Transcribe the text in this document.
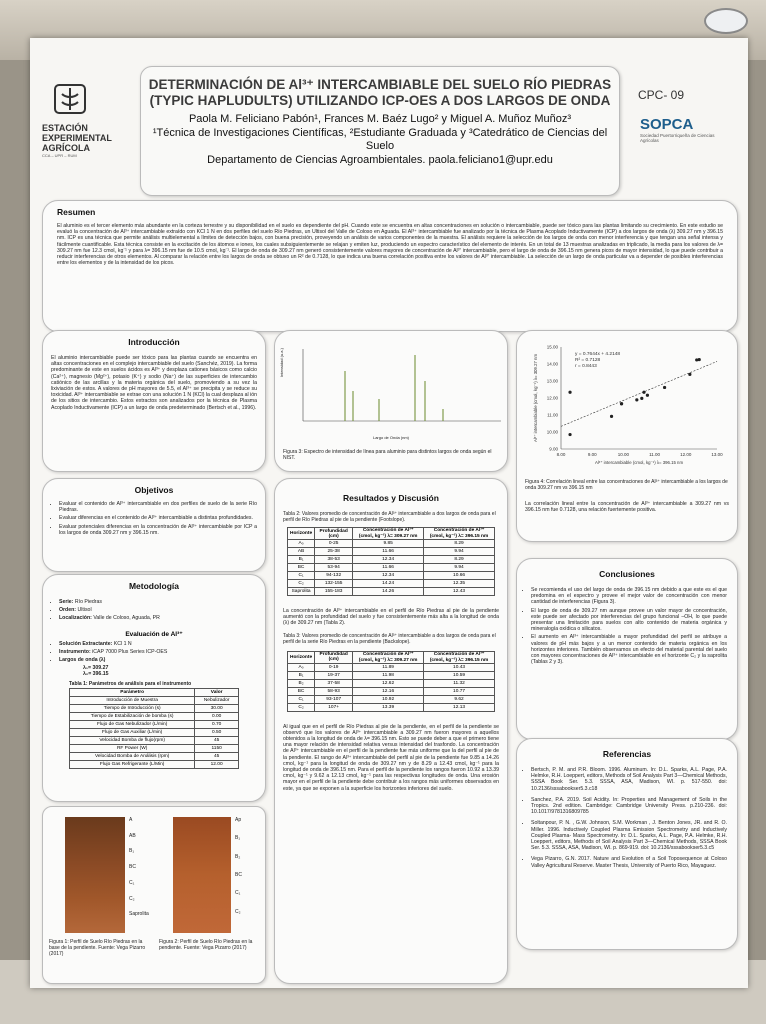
ESTACIÓN EXPERIMENTAL AGRÍCOLA
CCA – UPR – RUM
DETERMINACIÓN DE Al³⁺ INTERCAMBIABLE DEL SUELO RÍO PIEDRAS
(TYPIC HAPLUDULTS) UTILIZANDO ICP-OES A DOS LARGOS DE ONDA
Paola M. Feliciano Pabón¹, Frances M. Baéz Lugo² y Miguel A. Muñoz Muñoz³
¹Técnica de Investigaciones Científicas, ²Estudiante Graduada y ³Catedrático de Ciencias del Suelo
Departamento de Ciencias Agroambientales. paola.feliciano1@upr.edu
CPC- 09
SOPCA
Sociedad Puertorriqueña de Ciencias Agrícolas
Resumen
El aluminio es el tercer elemento más abundante en la corteza terrestre y su disponibilidad en el suelo es dependiente del pH. Cuando este se encuentra en altas concentraciones en solución o intercambiable, puede ser tóxico para las plantas limitando su crecimiento. En este estudio se evaluó la concentración de Al³⁺ intercambiable extraído con KCl 1 N en dos perfiles del suelo Río Piedras, un Ultisol del Valle de Coloso en Aguada. El Al³⁺ intercambiable fue analizado por la técnica de Plasma Acoplado Inductivamente (ICP) a dos largos de onda (λ) 309.27 nm y 396.15 nm. ICP es una técnica que permite análisis multielemental a límites de detección bajos, con buena precisión, proveyendo un análisis de varios componentes de la muestra. El análisis requiere la selección de los largos de onda con menor interferencia y que tengan una señal intensa y fácilmente cuantificable. Esta técnica consiste en la excitación de los átomos e iones, los cuales subsiguientemente se relajan y emiten luz, produciendo un espectro característico del elemento de interés. En un total de 13 muestras analizadas en triplicado, la media para los valores de λ= 309.27 nm fue 12.3 cmol꜀ kg⁻¹ y para λ= 396.15 nm fue de 10.5 cmol꜀ kg⁻¹. El largo de onda de 309.27 nm generó consistentemente valores mayores de concentración de Al³⁺ intercambiable, pero el largo de onda de 396.15 nm genera picos de mayor intensidad, lo que puede contribuir a reducir interferencias de otros elementos. Al comparar la relación entre los largos de onda se obtuvo un R² de 0.7128, lo que indica una buena correlación positiva entre los valores de Al³⁺ intercambiable. La selección de un largo de onda particular va a depender de posibles interferencias entre los elementos y de la intensidad de los picos.
Introducción
El aluminio intercambiable puede ser tóxico para las plantas cuando se encuentra en altas concentraciones en el complejo intercambiable del suelo (Sanchéz, 2019). La forma predominante de este en suelos ácidos es Al³⁺ y desplaza cationes básicos como calcio (Ca²⁺), magnesio (Mg²⁺), potasio (K⁺) y sodio (Na⁺) de las superficies de intercambio catiónico de las arcillas y la materia orgánica del suelo, promoviendo a su vez la lixiviación de estos. A valores de pH mayores de 5.5, el Al³⁺ se precipita y se reduce su toxicidad. Al³⁺ intercambiable se extrae con una solución 1 N (KCl) la cual desplaza al ión de los sitios de intercambio. Estos extractos son analizados por la técnica de Plasma Acoplado Inductivamente (ICP) a un largo de onda predeterminado (Bertsch et al., 1996).
Objetivos
• Evaluar el contenido de Al³⁺ intercambiable en dos perfiles de suelo de la serie Río Piedras.
• Evaluar diferencias en el contenido de Al³⁺ intercambiable a distintas profundidades.
• Evaluar potenciales diferencias en la concentración de Al³⁺ intercambiable por ICP a los largos de onda 309.27 nm y 396.15 nm.
Metodología
• Serie: Río Piedras
• Orden: Ultisol
• Localización: Valle de Coloso, Aguada, PR
Evaluación de Al³⁺
• Solución Extractante: KCl 1 N
• Instrumento: iCAP 7000 Plus Series ICP-OES
• Largos de onda (λ)
λ₁= 309.27
λ₂= 396.15
Tabla 1: Parámetros de análisis para el instrumento
Parámetro	Valor
Introducción de Muestra	Nebulizador
Tiempo de Introducción (s)	30.00
Tiempo de Estabilización de bomba (s)	0.00
Flujo de Gas Nebulizador (L/min)	0.70
Flujo de Gas Auxiliar (L/min)	0.50
Velocidad Bomba de flujo(rpm)	45
RF Power (W)	1150
Velocidad Bomba de Análisis (rpm)	45
Flujo Gas Refrigerante (L/Min)	12.00
A
AB
B₁
BC
C₁
C₂
Saprolita
Ap
B₁
B₂
BC
C₁
C₂
Figura 1: Perfil de Suelo Río Piedras en la base de la pendiente. Fuente: Vega Pizarro (2017)
Figura 2: Perfil de Suelo Río Piedras en la pendiente. Fuente: Vega Pizarro (2017)
Intensidad (u.a.)
Largo de Onda (nm)
Figura 3: Espectro de intensidad de línea para aluminio para distintos largos de onda según el NIST.
Resultados y Discusión
Tabla 2: Valores promedio de concentración de Al³⁺ intercambiable a dos largos de onda para el perfil de Río Piedras al pie de la pendiente (Footslope).
Horizonte	Profundidad (cm)	Concentración de Al³⁺ (cmol꜀ kg⁻¹) λ= 309.27 nm	Concentración de Al³⁺ (cmol꜀ kg⁻¹) λ= 396.15 nm
A₀	0-25	9.85	8.29
AB	25-38	11.66	9.94
B₁	38-53	12.34	8.29
BC	53-94	11.66	9.94
C₁	94-132	12.34	10.66
C₂	132-155	14.24	12.35
Saprolita	155-183	14.26	12.43
La concentración de Al³⁺ intercambiable en el perfil de Río Piedras al pie de la pendiente aumentó con la profundidad del suelo y fue consistentemente más alta a la longitud de onda (λ) de 309.27 nm (Tabla 2).
Tabla 3: Valores promedio de concentración de Al³⁺ intercambiable a dos largos de onda para el perfil de la serie Río Piedras en la pendiente (Backslope).
Horizonte	Profundidad (cm)	Concentración de Al³⁺ (cmol꜀ kg⁻¹) λ= 309.27 nm	Concentración de Al³⁺ (cmol꜀ kg⁻¹) λ= 396.15 nm
A₀	0-19	11.89	10.43
B₁	19-37	11.98	10.59
B₂	37-58	12.62	11.32
BC	58-93	12.16	10.77
C₁	93-107	10.92	9.62
C₂	107+	13.39	12.13
Al igual que en el perfil de Río Piedras al pie de la pendiente, en el perfil de la pendiente se observó que los valores de Al³⁺ intercambiable a 309.27 nm fueron mayores a aquellos obtenidos a la longitud de onda de λ= 396.15 nm. Esto se puede deber a que el primero tiene una mayor relación de intensidad relativa versus intensidad del trasfondo. La concentración de Al³⁺ intercambiable en el perfil de la pendiente fue más uniforme que la del perfil al pie de la pendiente. El rango de Al³⁺ intercambiable del perfil al pie de la pendiente fue 9.85 a 14.26 cmol꜀ kg⁻¹ para la longitud de onda de 309.27 nm y de 8.29 a 12.43 cmol꜀ kg⁻¹ para la longitud de onda de 396.15 nm. Para el perfil de la pendiente los rangos fueron 10.92 a 13.39 cmol꜀ kg⁻¹ y 9.62 a 12.13 cmol꜀ kg⁻¹ para las respectivas longitudes de onda. Una erosión mayor en el perfil de la pendiente debe contribuir a los rangos más uniformes observados en este, ya que se exponen a la superficie los horizontes inferiores del suelo.
8.00	9.00	10.00	11.00	12.00	13.00
9.00
10.00
11.00
12.00
13.00
14.00
15.00
y = 0.7644x + 4.2148
R² = 0.7128
r = 0.8443
Al³⁺ intercambiable (cmol꜀ kg⁻¹) λ= 396.15 nm
Al³⁺ intercambiable (cmol꜀ kg⁻¹) λ= 309.27 nm
Figura 4: Correlación lineal entre las concentraciones de Al³⁺ intercambiable a los largos de onda 309.27 nm vs 396.15 nm
La correlación lineal entre la concentración de Al³⁺ intercambiable a 309.27 nm vs 396.15 nm fue 0.7128, una relación fuertemente positiva.
Conclusiones
• Se recomienda el uso del largo de onda de 396.15 nm debido a que este es el que predomina en el espectro y provee el mejor valor de concentración con menor cantidad de interferencias (Figura 3).
• El largo de onda de 309.27 nm aunque provee un valor mayor de concentración, este puede ser afectado por interferencias del grupo funcional –OH, lo que puede presentar una limitación para suelos con alto contenido de materia orgánica y mineralogía oxídica o silicatos.
• El aumento en Al³⁺ intercambiable a mayor profundidad del perfil se atribuye a valores de pH más bajos y a un menor contenido de materia orgánica en los horizontes inferiores. También observamos un efecto del material parental del suelo con mayores concentraciones de Al³⁺ intercambiable en el horizonte C₂ y la saprolita (Tablas 2 y 3).
Referencias
• Bertsch, P. M. and P.R. Bloom. 1996. Aluminum. In: D.L. Sparks, A.L. Page, P.A. Helmke, R.H. Loeppert, editors, Methods of Soil Analysis Part 3—Chemical Methods, SSSA Book Ser. 5.3. SSSA, ASA, Madison, WI. p. 517-550. doi: 10.2136/sssabookser5.3.c18
• Sanchez, P.A. 2019. Soil Acidity. In: Properties and Management of Soils in the Tropics. 2nd edition. Cambridge: Cambridge University Press. p.210-236. doi: 10.1017/9781316809785
• Soltanpour, P. N. , G.W. Johnson, S.M. Workman , J. Benton Jones, JR. and R. O. Miller. 1996. Inductively Coupled Plasma Emission Spectrometry and Inductively Coupled Plasma- Mass Spectrometry. In: D.L. Sparks, A.L. Page, P.A. Helmke, R.H. Loeppert, editors, Methods of Soil Analysis Part 3—Chemical Methods, SSSA Book Ser. 5.3. SSSA, ASA, Madison, WI. p. 869-919. doi: 10.2136/sssabookser5.3.c5
• Vega Pizarro, G.N. 2017. Nature and Evolution of a Soil Toposequence at Coloso Valley Agricultural Reserve. Master Thesis, University of Puerto Rico, Mayaguez.
